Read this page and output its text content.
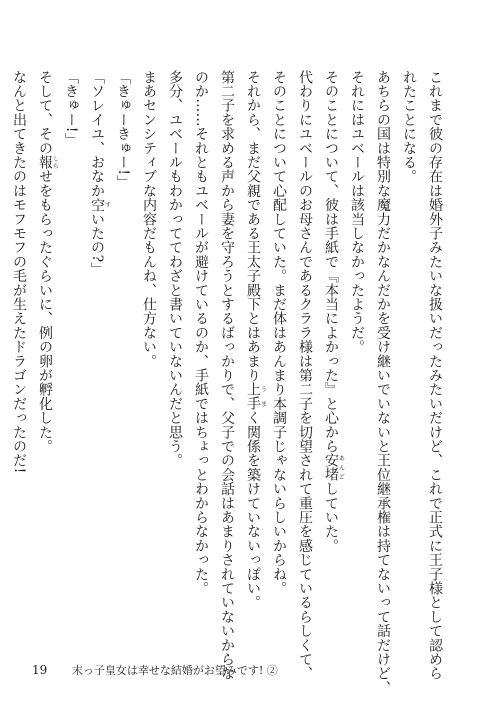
これまで彼の存在は婚外子みたいな扱いだったみたいだけど、これで正式に王子様として認めら
れたことになる。
あちらの国は特別な魔力だかなんだかを受け継いでいないと王位継承権は持てないって話だけど、
それにはユベールは該当しなかったようだ。
そのことについて、彼は手紙で『本当によかった』と心から安堵あんどしていた。
代わりにユベールのお母さんであるクララ様は第二子を切望されて重圧を感じているらしくて、
そのことについて心配していた。まだ体はあんまり本調子じゃないらしいからね。
それから、まだ父親である王太子殿下とはあまり上手うまく関係を築けていないっぽい。
第二子を求める声から妻を守ろうとするばっかりで、父子での会話はあまりされていないからな
のか……それともユベールが避けているのか、手紙ではちょっとわからなかった。
多分、ユベールもわかっててわざと書いていないんだと思う。
まあセンシティブな内容だもんね、仕方ない。
「きゅーきゅー!」
「ソレイユ、おなか空すいたの?」
「きゅー!」
そして、その報しらせをもらったぐらいに、例の卵が孵化した。
なんと出てきたのはモフモフの毛が生えたドラゴンだったのだ!
19 末っ子皇女は幸せな結婚がお望みです! ②
